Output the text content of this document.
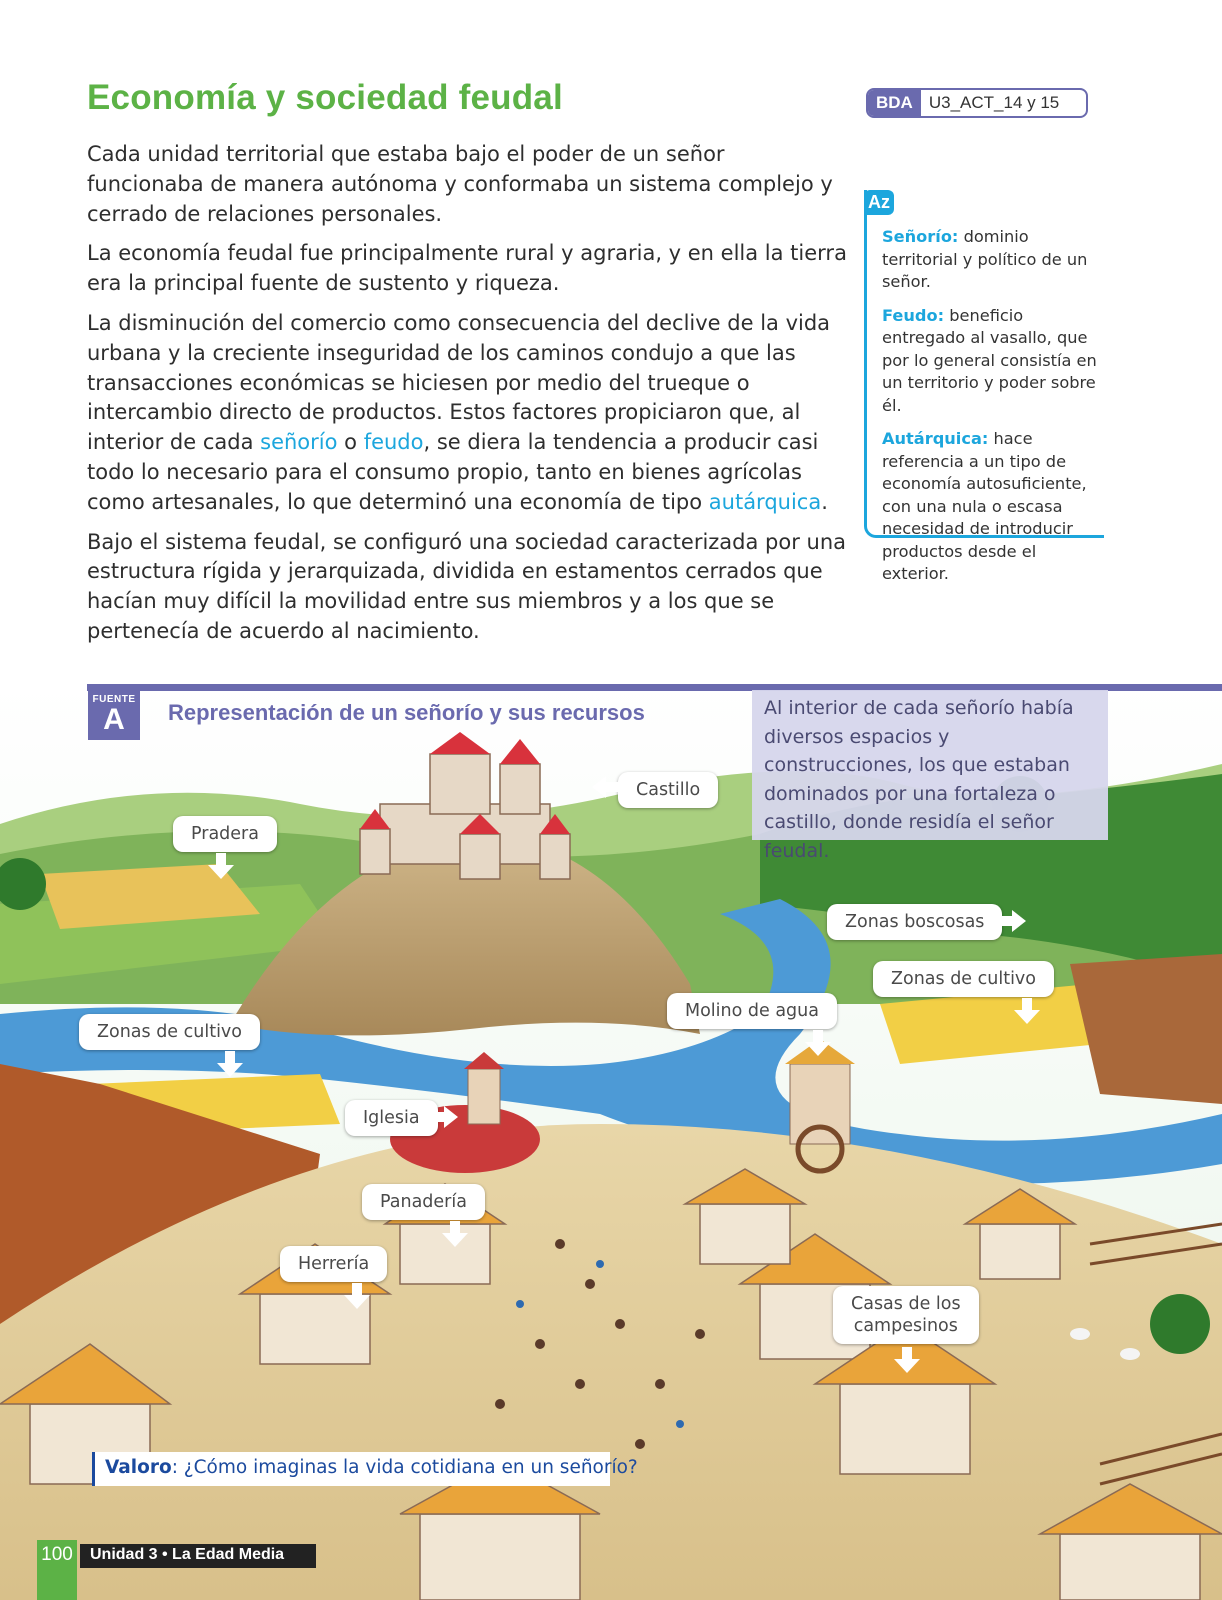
Economía y sociedad feudal	BDA U3_ACT_14 y 15

Cada unidad territorial que estaba bajo el poder de un señor funcionaba de manera autónoma y conformaba un sistema complejo y cerrado de relaciones personales.

La economía feudal fue principalmente rural y agraria, y en ella la tierra era la principal fuente de sustento y riqueza.

La disminución del comercio como consecuencia del declive de la vida urbana y la creciente inseguridad de los caminos condujo a que las transacciones económicas se hiciesen por medio del trueque o intercambio directo de productos. Estos factores propiciaron que, al interior de cada señorío o feudo, se diera la tendencia a producir casi todo lo necesario para el consumo propio, tanto en bienes agrícolas como artesanales, lo que determinó una economía de tipo autárquica.

Bajo el sistema feudal, se configuró una sociedad caracterizada por una estructura rígida y jerarquizada, dividida en estamentos cerrados que hacían muy difícil la movilidad entre sus miembros y a los que se pertenecía de acuerdo al nacimiento.

Az

Señorío: dominio territorial y político de un señor.

Feudo: beneficio entregado al vasallo, que por lo general consistía en un territorio y poder sobre él.

Autárquica: hace referencia a un tipo de economía autosuficiente, con una nula o escasa necesidad de introducir productos desde el exterior.

FUENTE
A	Representación de un señorío y sus recursos	Al interior de cada señorío había diversos espacios y construcciones, los que estaban dominados por una fortaleza o castillo, donde residía el señor feudal.
Castillo
Pradera
Zonas boscosas
Zonas de cultivo
Molino de agua
Zonas de cultivo
Iglesia
Panadería
Herrería
Casas de los
campesinos
Valoro: ¿Cómo imaginas la vida cotidiana en un señorío?
100	Unidad 3 • La Edad Media
